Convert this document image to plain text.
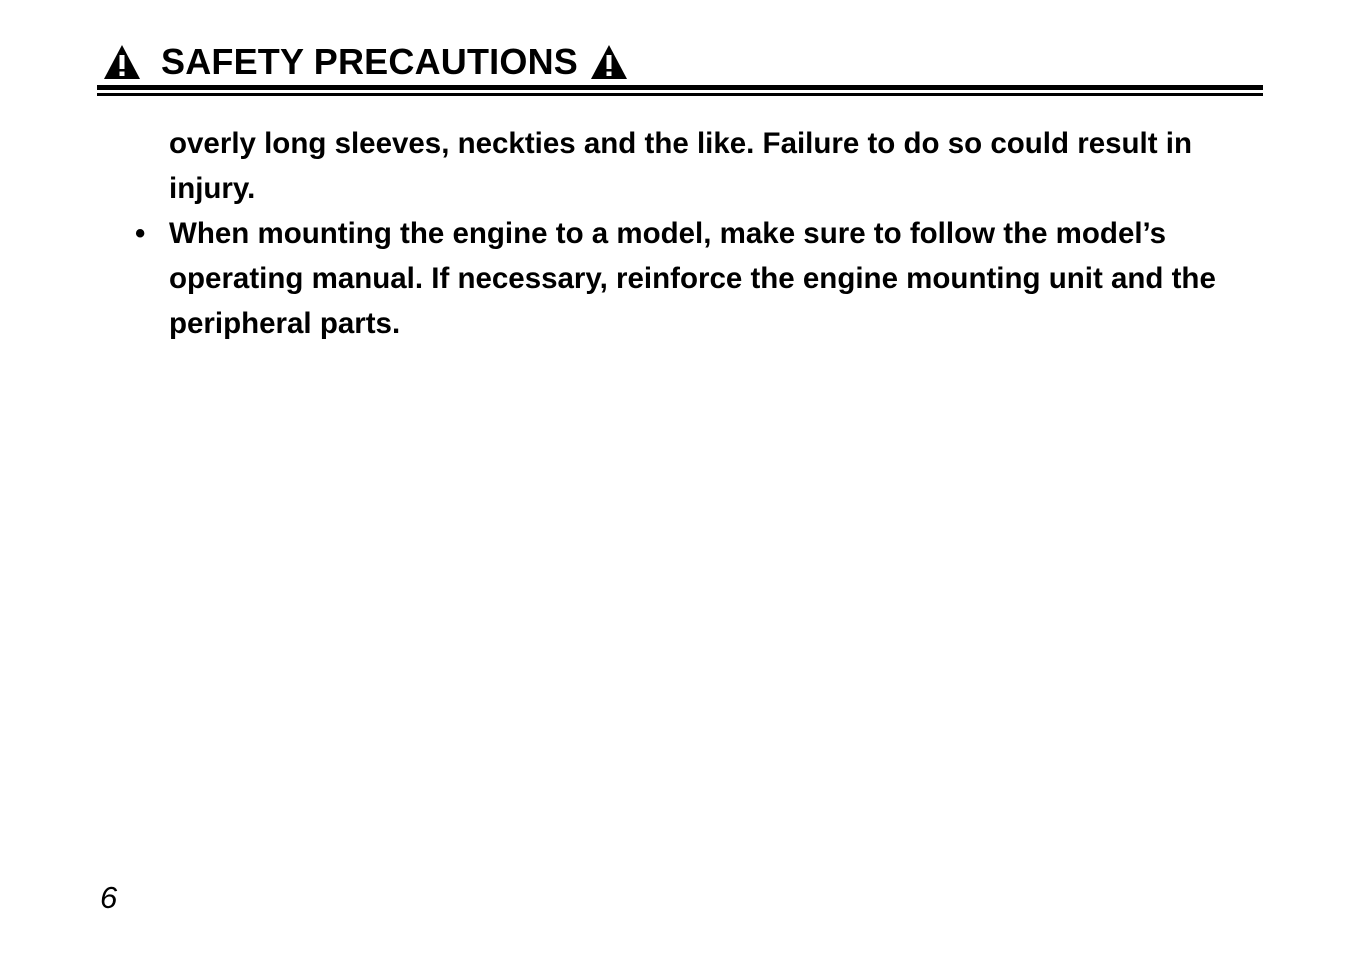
SAFETY PRECAUTIONS

overly long sleeves, neckties and the like. Failure to do so could result in injury.

• When mounting the engine to a model, make sure to follow the model’s operating manual. If necessary, reinforce the engine mounting unit and the peripheral parts.

6
